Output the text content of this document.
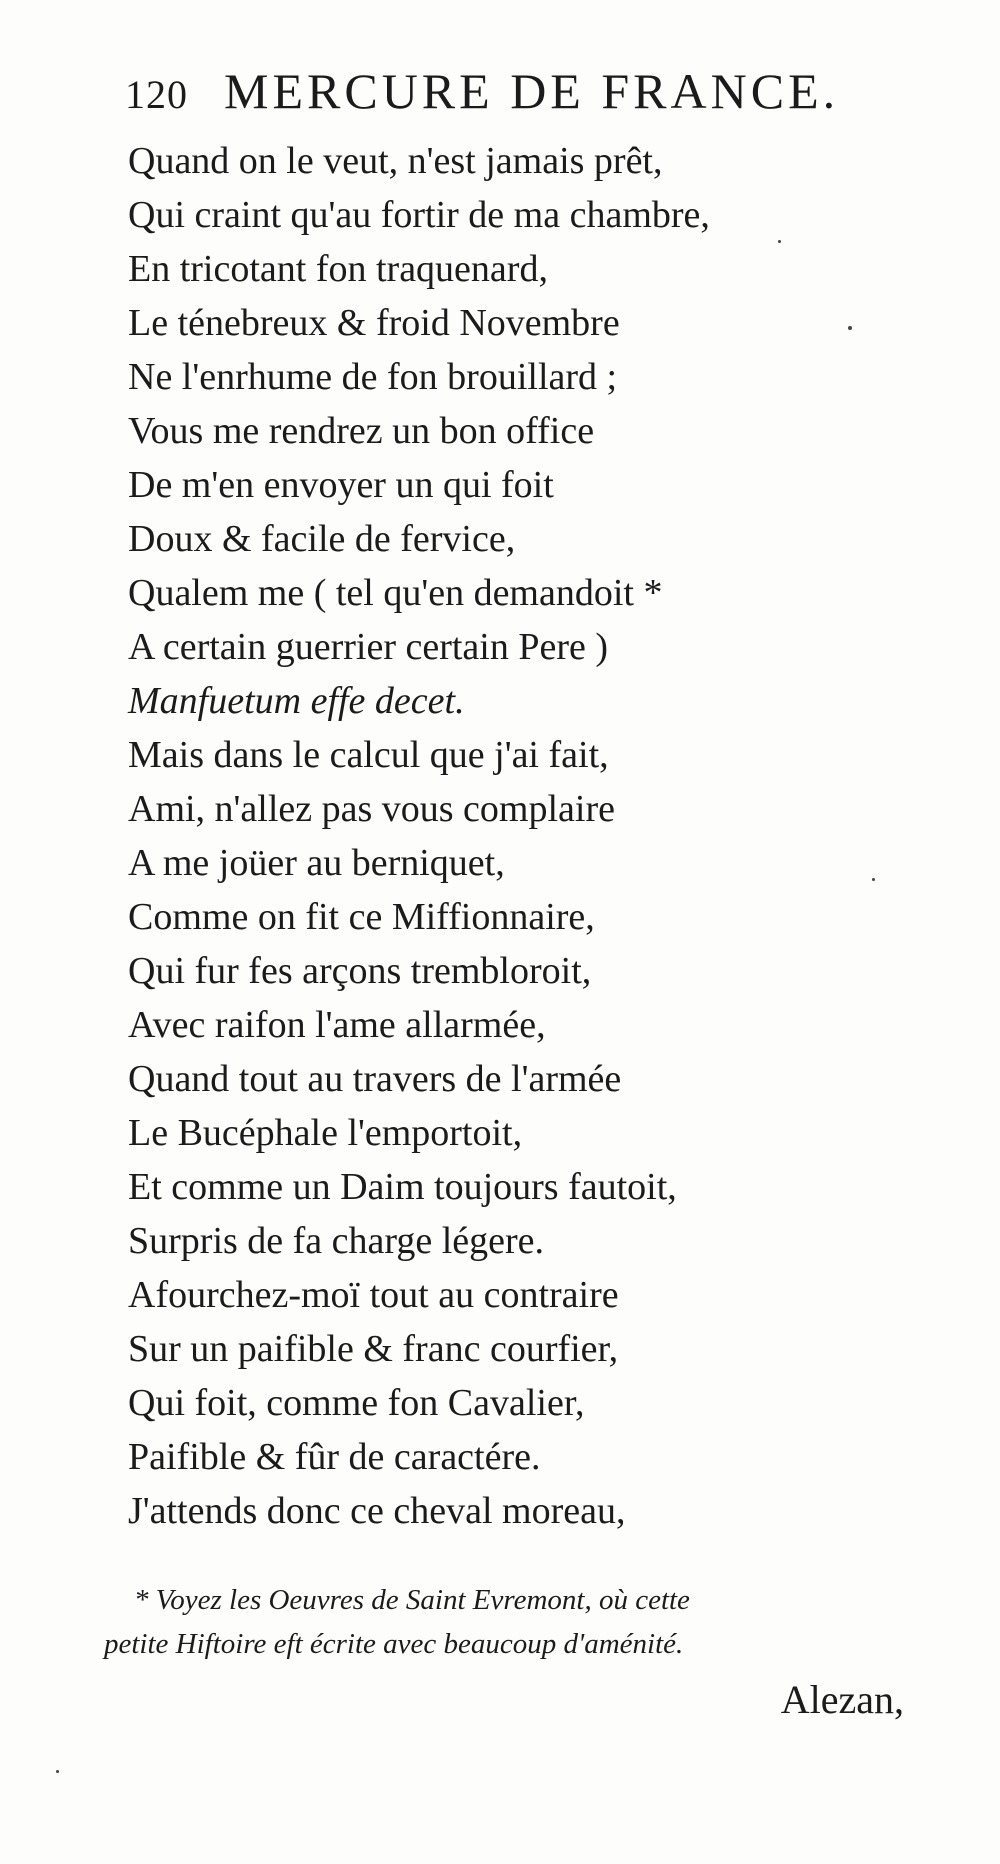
120 MERCURE DE FRANCE.
Quand on le veut, n'est jamais prêt,
Qui craint qu'au fortir de ma chambre,
En tricotant fon traquenard,
Le ténebreux & froid Novembre
Ne l'enrhume de fon brouillard ;
Vous me rendrez un bon office
De m'en envoyer un qui foit
Doux & facile de fervice,
Qualem me ( tel qu'en demandoit *
A certain guerrier certain Pere )
Manfuetum effe decet.
Mais dans le calcul que j'ai fait,
Ami, n'allez pas vous complaire
A me joüer au berniquet,
Comme on fit ce Miffionnaire,
Qui fur fes arçons trembloroit,
Avec raifon l'ame allarmée,
Quand tout au travers de l'armée
Le Bucéphale l'emportoit,
Et comme un Daim toujours fautoit,
Surpris de fa charge légere.
Afourchez-moï tout au contraire
Sur un paifible & franc courfier,
Qui foit, comme fon Cavalier,
Paifible & fûr de caractére.
J'attends donc ce cheval moreau,
* Voyez les Oeuvres de Saint Evremont, où cette
petite Hiftoire eft écrite avec beaucoup d'aménité.
Alezan,
